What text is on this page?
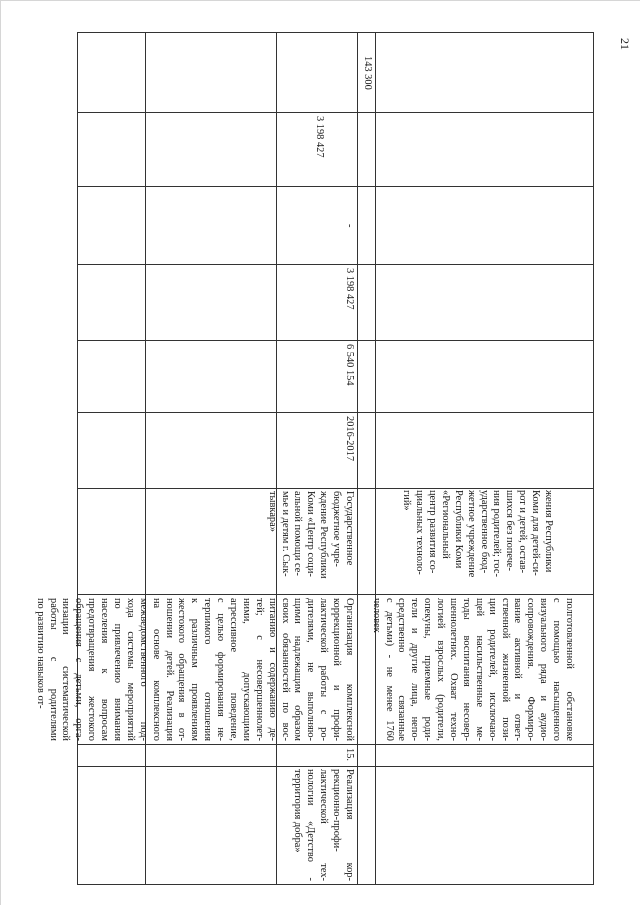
21
143 300
жения Республики
Коми для детей-си-
рот и детей, остав-
шихся без попече-
ния родителей; гос-
ударственное бюд-
жетное учреждение
Республики Коми
«Региональный
центр развития со-
циальных техноло-
гий»
полготовленной обстановке
с помощью насыщенного
визуального ряда и аудио-
сопровождения. Формиро-
вание активной и ответ-
ственной жизненной пози-
ции родителей, исключаю-
щей насильственные ме-
тоды воспитания несовер-
шеннолетних. Охват техно-
логией взрослых (родители,
опекуны, приемные роди-
тели и другие лица, непо-
средственно связанные
с детьми) - не менее 1760
человек
6 540 154
3 198 427
-
3 198 427
2016-2017
Государственное
бюджетное учре-
ждение Республики
Коми «Центр соци-
альной помощи се-
мье и детям г. Сык-
тывкара»
Организация комплексной
коррекционной и профи-
лактической работы с ро-
дителями, не выполняю-
щими надлежащим образом
своих обязанностей по вос-
питанию и содержанию де-
тей; с несовершеннолет-
ними, допускающими
агрессивное поведение,
с целью формирования не-
терпимого отношения
к различным проявлениям
жестокого обращения в от-
ношении детей. Реализация
на основе комплексного
межведомственного под-
хода системы мероприятий
по привлечению внимания
населения к вопросам
предотвращения жестокого
обращения с детьми, орга-
низации систематической
работы с родителями
по развитию навыков от-
Реализация кор-
рекционно-профи-
лактической тех-
нологии «Детство -
территория добра»
15.
